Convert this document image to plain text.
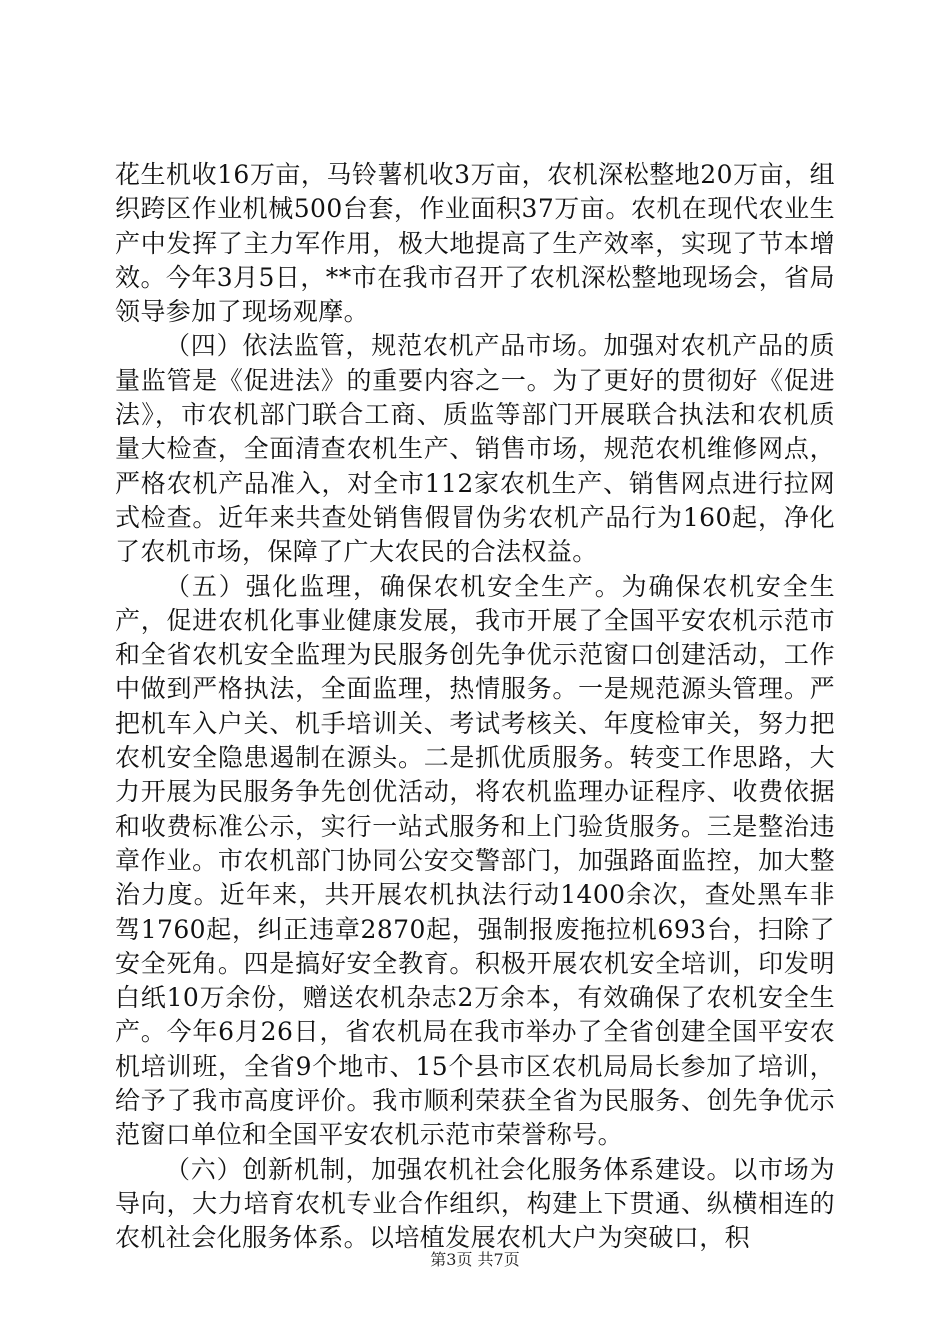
花生机收16万亩，马铃薯机收3万亩，农机深松整地20万亩，组织跨区作业机械500台套，作业面积37万亩。农机在现代农业生产中发挥了主力军作用，极大地提高了生产效率，实现了节本增效。今年3月5日，**市在我市召开了农机深松整地现场会，省局领导参加了现场观摩。

（四）依法监管，规范农机产品市场。加强对农机产品的质量监管是《促进法》的重要内容之一。为了更好的贯彻好《促进法》，市农机部门联合工商、质监等部门开展联合执法和农机质量大检查，全面清查农机生产、销售市场，规范农机维修网点，严格农机产品准入，对全市112家农机生产、销售网点进行拉网式检查。近年来共查处销售假冒伪劣农机产品行为160起，净化了农机市场，保障了广大农民的合法权益。

（五）强化监理，确保农机安全生产。为确保农机安全生产，促进农机化事业健康发展，我市开展了全国平安农机示范市和全省农机安全监理为民服务创先争优示范窗口创建活动，工作中做到严格执法，全面监理，热情服务。一是规范源头管理。严把机车入户关、机手培训关、考试考核关、年度检审关，努力把农机安全隐患遏制在源头。二是抓优质服务。转变工作思路，大力开展为民服务争先创优活动，将农机监理办证程序、收费依据和收费标准公示，实行一站式服务和上门验货服务。三是整治违章作业。市农机部门协同公安交警部门，加强路面监控，加大整治力度。近年来，共开展农机执法行动1400余次，查处黑车非驾1760起，纠正违章2870起，强制报废拖拉机693台，扫除了安全死角。四是搞好安全教育。积极开展农机安全培训，印发明白纸10万余份，赠送农机杂志2万余本，有效确保了农机安全生产。今年6月26日，省农机局在我市举办了全省创建全国平安农机培训班，全省9个地市、15个县市区农机局局长参加了培训，给予了我市高度评价。我市顺利荣获全省为民服务、创先争优示范窗口单位和全国平安农机示范市荣誉称号。

（六）创新机制，加强农机社会化服务体系建设。以市场为导向，大力培育农机专业合作组织，构建上下贯通、纵横相连的农机社会化服务体系。以培植发展农机大户为突破口，积

第3页 共7页
